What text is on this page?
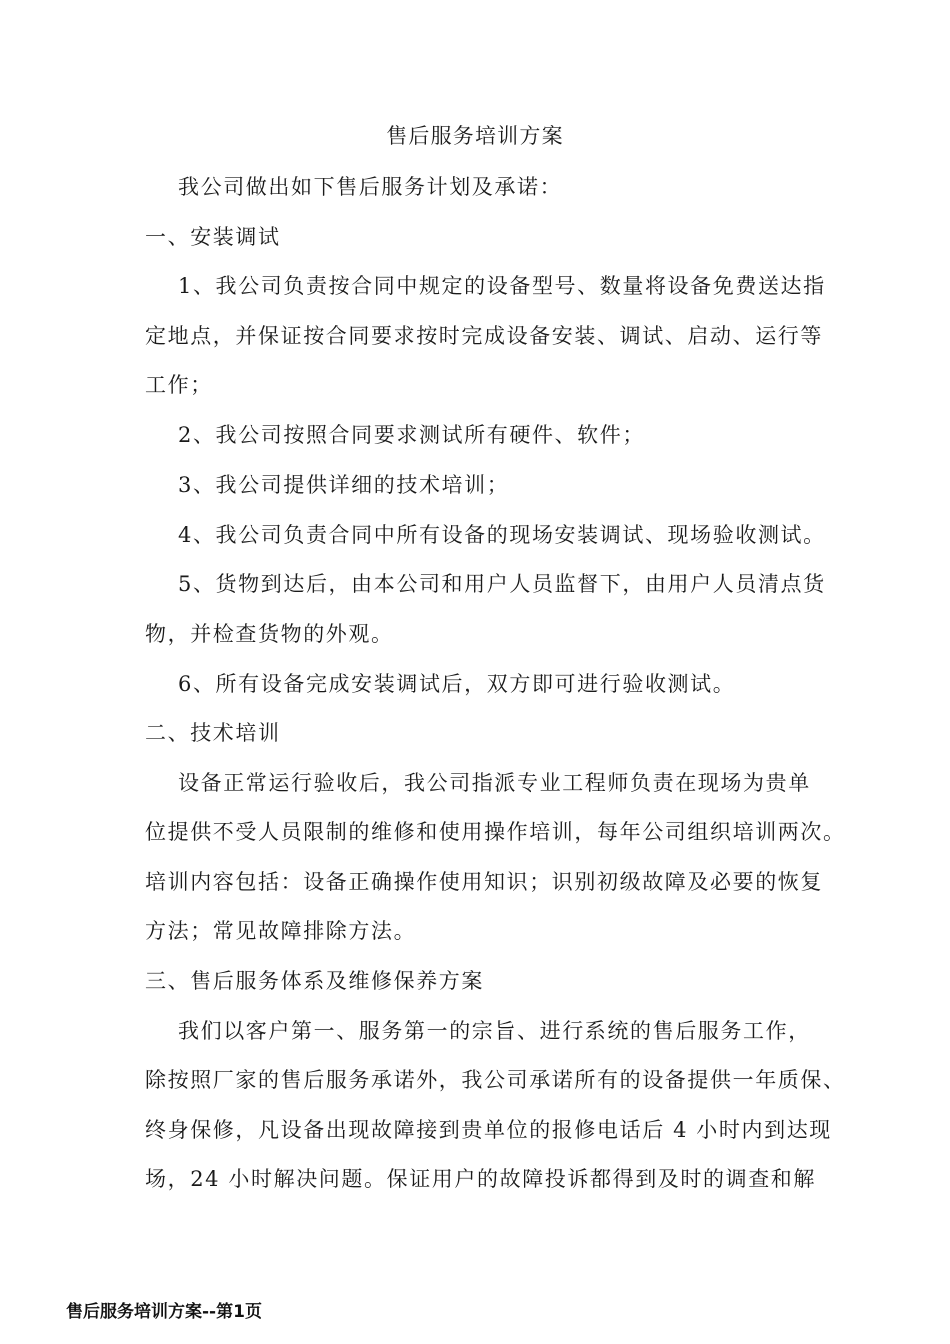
售后服务培训方案
我公司做出如下售后服务计划及承诺：
一、安装调试
1、我公司负责按合同中规定的设备型号、数量将设备免费送达指
定地点，并保证按合同要求按时完成设备安装、调试、启动、运行等
工作；
2、我公司按照合同要求测试所有硬件、软件；
3、我公司提供详细的技术培训；
4、我公司负责合同中所有设备的现场安装调试、现场验收测试。
5、货物到达后，由本公司和用户人员监督下，由用户人员清点货
物，并检查货物的外观。
6、所有设备完成安装调试后，双方即可进行验收测试。
二、技术培训
设备正常运行验收后，我公司指派专业工程师负责在现场为贵单
位提供不受人员限制的维修和使用操作培训，每年公司组织培训两次。
培训内容包括：设备正确操作使用知识；识别初级故障及必要的恢复
方法；常见故障排除方法。
三、售后服务体系及维修保养方案
我们以客户第一、服务第一的宗旨、进行系统的售后服务工作，
除按照厂家的售后服务承诺外，我公司承诺所有的设备提供一年质保、
终身保修，凡设备出现故障接到贵单位的报修电话后 4 小时内到达现
场，24 小时解决问题。保证用户的故障投诉都得到及时的调查和解
售后服务培训方案--第1页
